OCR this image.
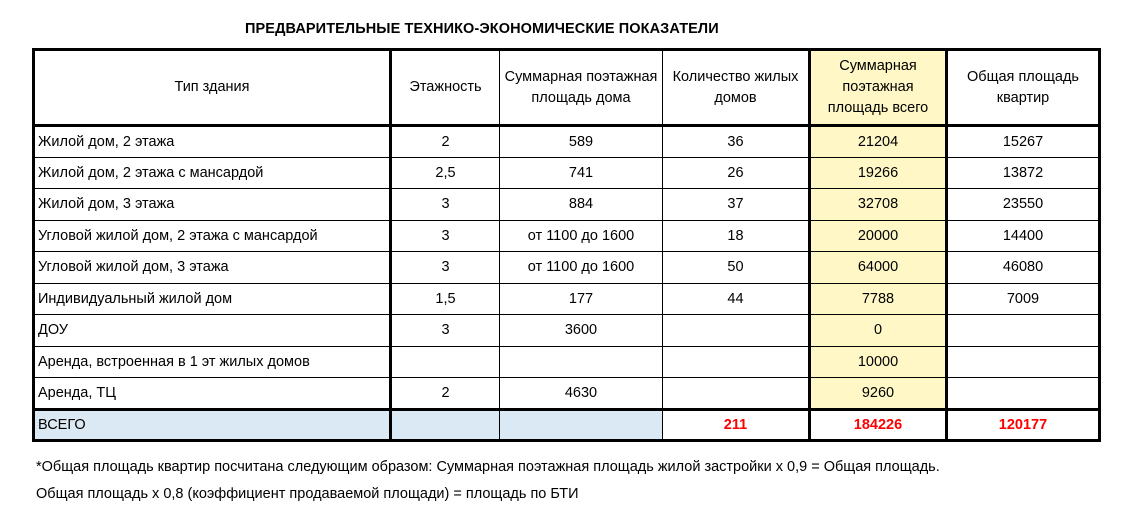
ПРЕДВАРИТЕЛЬНЫЕ ТЕХНИКО-ЭКОНОМИЧЕСКИЕ ПОКАЗАТЕЛИ
Тип здания	Этажность	Суммарная поэтажная площадь дома	Количество жилых домов	Суммарная поэтажная площадь всего	Общая площадь квартир
Жилой дом, 2 этажа	2	589	36	21204	15267
Жилой дом, 2 этажа с мансардой	2,5	741	26	19266	13872
Жилой дом, 3 этажа	3	884	37	32708	23550
Угловой жилой дом, 2 этажа с мансардой	3	от 1100 до 1600	18	20000	14400
Угловой жилой дом, 3 этажа	3	от 1100 до 1600	50	64000	46080
Индивидуальный жилой дом	1,5	177	44	7788	7009
ДОУ	3	3600		0	
Аренда, встроенная в 1 эт жилых домов				10000	
Аренда, ТЦ	2	4630		9260	
ВСЕГО			211	184226	120177
*Общая площадь квартир посчитана следующим образом: Суммарная поэтажная площадь жилой застройки х 0,9 = Общая площадь.
Общая площадь х 0,8 (коэффициент продаваемой площади) = площадь по БТИ
